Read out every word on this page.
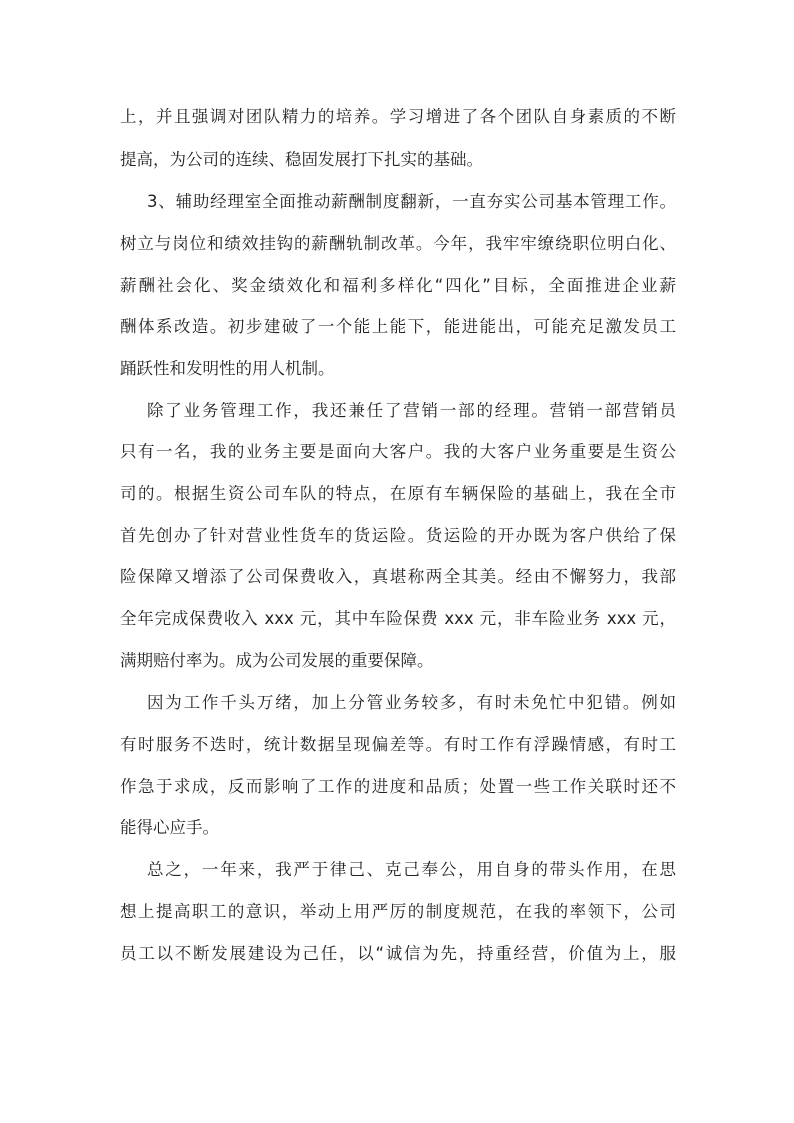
上，并且强调对团队精力的培养。学习增进了各个团队自身素质的不断
提高，为公司的连续、稳固发展打下扎实的基础。
3、辅助经理室全面推动薪酬制度翻新，一直夯实公司基本管理工作。
树立与岗位和绩效挂钩的薪酬轨制改革。今年，我牢牢缭绕职位明白化、
薪酬社会化、奖金绩效化和福利多样化“四化”目标，全面推进企业薪
酬体系改造。初步建破了一个能上能下，能进能出，可能充足激发员工
踊跃性和发明性的用人机制。
除了业务管理工作，我还兼任了营销一部的经理。营销一部营销员
只有一名，我的业务主要是面向大客户。我的大客户业务重要是生资公
司的。根据生资公司车队的特点，在原有车辆保险的基础上，我在全市
首先创办了针对营业性货车的货运险。货运险的开办既为客户供给了保
险保障又增添了公司保费收入，真堪称两全其美。经由不懈努力，我部
全年完成保费收入 xxx 元，其中车险保费 xxx 元，非车险业务 xxx 元，
满期赔付率为。成为公司发展的重要保障。
因为工作千头万绪，加上分管业务较多，有时未免忙中犯错。例如
有时服务不迭时，统计数据呈现偏差等。有时工作有浮躁情感，有时工
作急于求成，反而影响了工作的进度和品质；处置一些工作关联时还不
能得心应手。
总之，一年来，我严于律己、克己奉公，用自身的带头作用，在思
想上提高职工的意识，举动上用严厉的制度规范，在我的率领下，公司
员工以不断发展建设为己任，以“诚信为先，持重经营，价值为上，服
